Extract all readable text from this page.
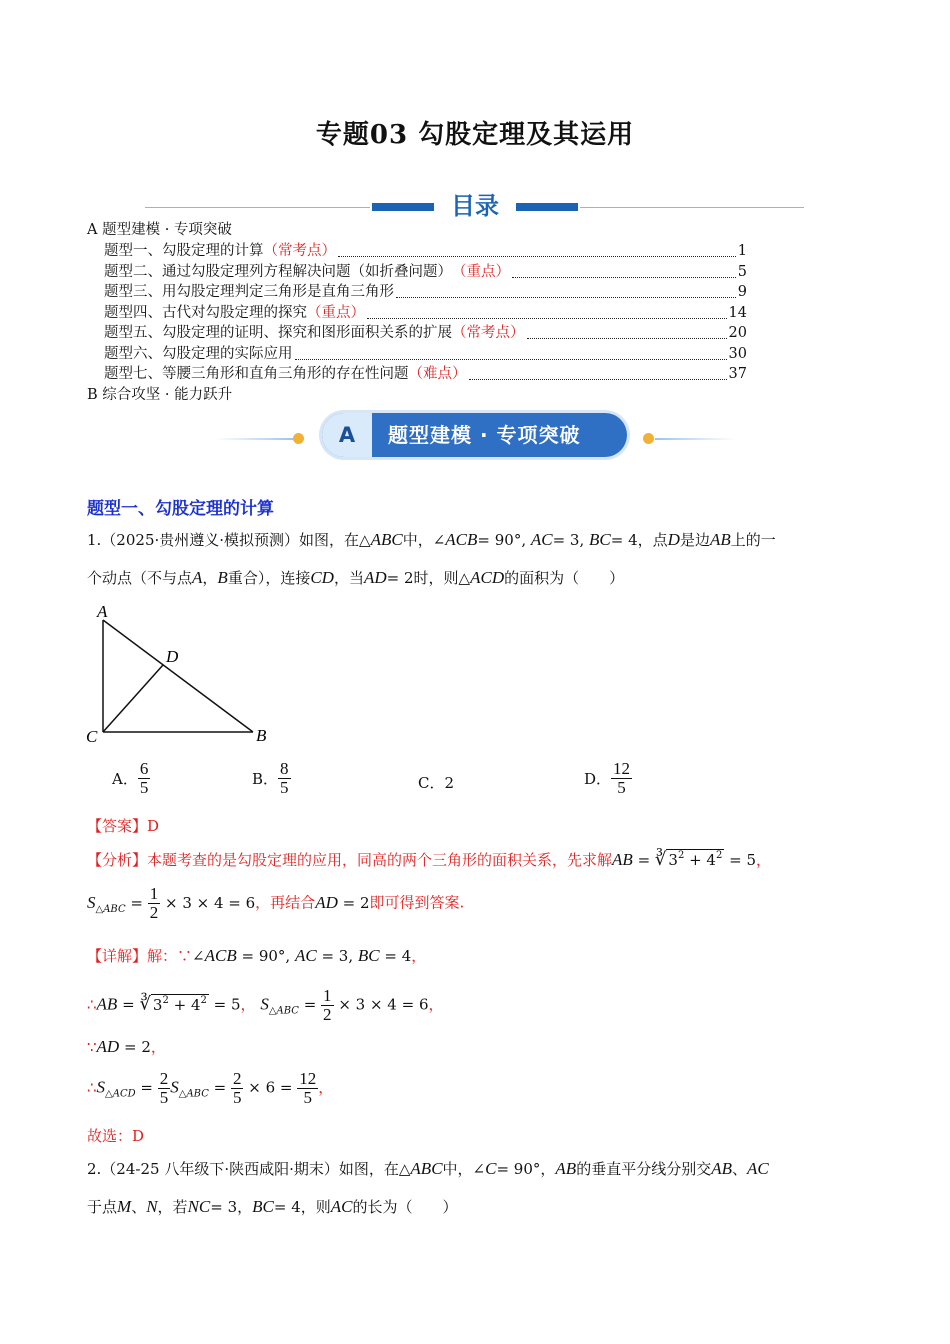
专题03 勾股定理及其运用
目录
A 题型建模 · 专项突破
题型一、勾股定理的计算 （常考点）	1
题型二、通过勾股定理列方程解决问题（如折叠问题） （重点）	5
题型三、用勾股定理判定三角形是直角三角形	9
题型四、古代对勾股定理的探究 （重点）	14
题型五、勾股定理的证明、探究和图形面积关系的扩展 （常考点）	20
题型六、勾股定理的实际应用	30
题型七、等腰三角形和直角三角形的存在性问题 （难点）	37
B 综合攻坚 · 能力跃升
A	题型建模 · 专项突破
题型一、勾股定理的计算
1.（2025·贵州遵义·模拟预测）如图，在△ABC中，∠ACB= 90°, AC= 3, BC= 4，点D是边AB上的一
个动点（不与点A，B重合），连接CD，当AD= 2时，则△ACD的面积为（　　）
A
D
C	B
A． $\frac{6}{5}$	B． $\frac{8}{5}$	C．2	D． $\frac{12}{5}$
【答案】D
【分析】本题考查的是勾股定理的应用，同高的两个三角形的面积关系，先求解AB = ∛ $3^2 + 4^2 = 5$，
$S_{\triangle ABC} = \frac{1}{2} \times 3 \times 4 = 6$，再结合AD = 2即可得到答案.
【详解】解：∵∠ACB = 90°, AC = 3, BC = 4，
∴AB = ∛ $3^2 + 4^2 = 5$， $S_{\triangle ABC} = \frac{1}{2} \times 3 \times 4 = 6$，
∵AD = 2，
$\therefore S_{\triangle ACD} = \frac{2}{5} S_{\triangle ABC} = \frac{2}{5} \times 6 = \frac{12}{5}$ ，
故选：D
2.（24-25 八年级下·陕西咸阳·期末）如图，在△ABC中，∠C= 90°，AB的垂直平分线分别交AB、AC
于点M、N，若NC= 3，BC= 4，则AC的长为（　　）
